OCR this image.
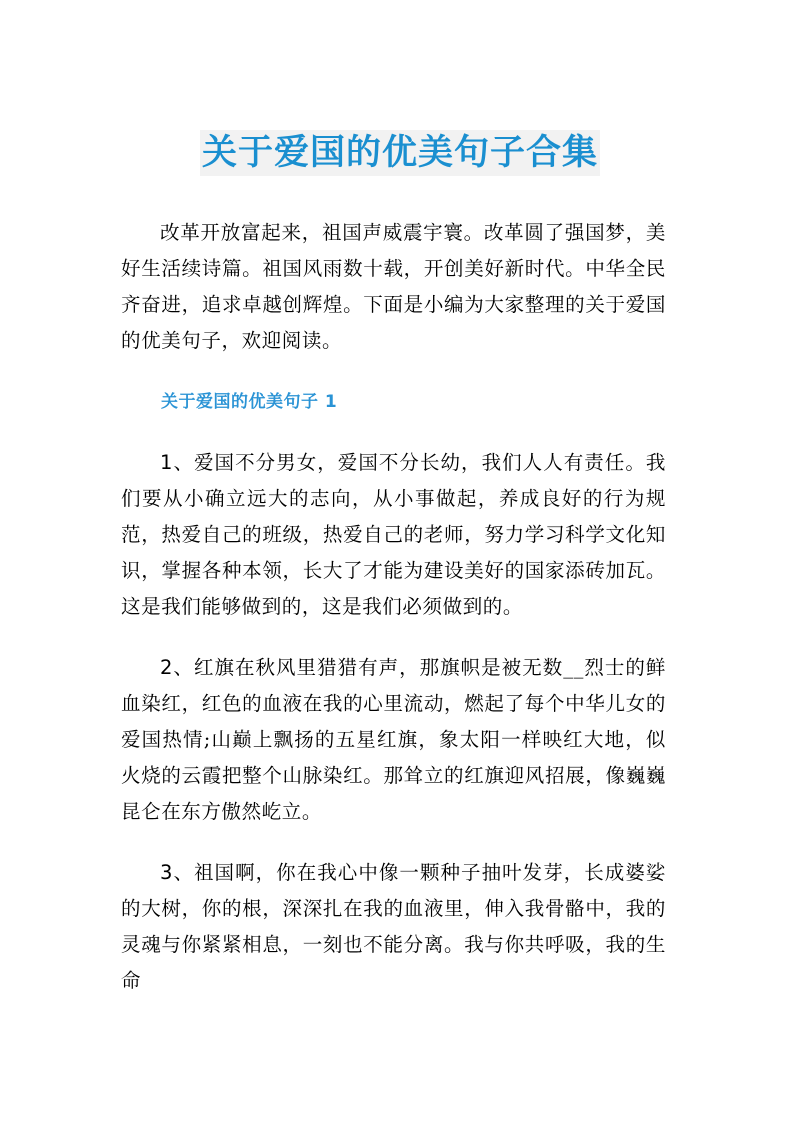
关于爱国的优美句子合集

改革开放富起来，祖国声威震宇寰。改革圆了强国梦，美好生活续诗篇。祖国风雨数十载，开创美好新时代。中华全民齐奋进，追求卓越创辉煌。下面是小编为大家整理的关于爱国的优美句子，欢迎阅读。

关于爱国的优美句子 1

1、爱国不分男女，爱国不分长幼，我们人人有责任。我们要从小确立远大的志向，从小事做起，养成良好的行为规范，热爱自己的班级，热爱自己的老师，努力学习科学文化知识，掌握各种本领，长大了才能为建设美好的国家添砖加瓦。这是我们能够做到的，这是我们必须做到的。

2、红旗在秋风里猎猎有声，那旗帜是被无数__烈士的鲜血染红，红色的血液在我的心里流动，燃起了每个中华儿女的爱国热情;山巅上飘扬的五星红旗，象太阳一样映红大地，似火烧的云霞把整个山脉染红。那耸立的红旗迎风招展，像巍巍昆仑在东方傲然屹立。

3、祖国啊，你在我心中像一颗种子抽叶发芽，长成婆娑的大树，你的根，深深扎在我的血液里，伸入我骨骼中，我的灵魂与你紧紧相息，一刻也不能分离。我与你共呼吸，我的生命
